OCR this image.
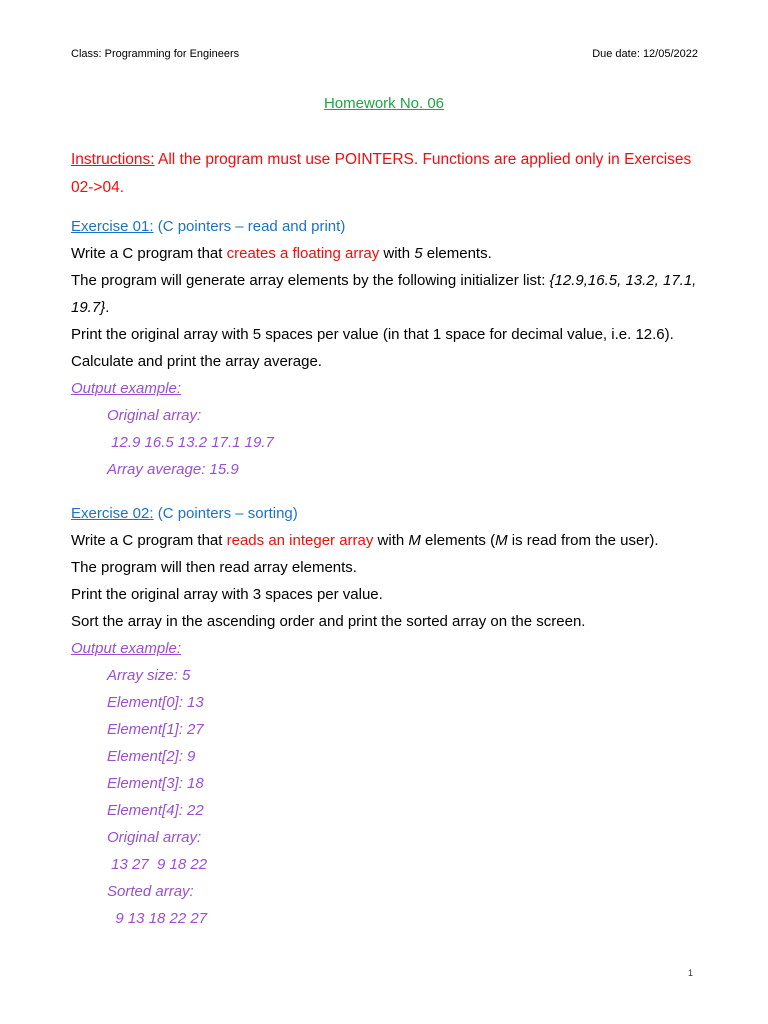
Class: Programming for Engineers	Due date: 12/05/2022
Homework No. 06
Instructions: All the program must use POINTERS. Functions are applied only in Exercises 02->04.
Exercise 01: (C pointers – read and print)
Write a C program that creates a floating array with 5 elements.
The program will generate array elements by the following initializer list: {12.9,16.5, 13.2, 17.1,
19.7}.
Print the original array with 5 spaces per value (in that 1 space for decimal value, i.e. 12.6).
Calculate and print the array average.
Output example:
Original array:
12.9 16.5 13.2 17.1 19.7
Array average: 15.9
Exercise 02: (C pointers – sorting)
Write a C program that reads an integer array with M elements (M is read from the user).
The program will then read array elements.
Print the original array with 3 spaces per value.
Sort the array in the ascending order and print the sorted array on the screen.
Output example:
Array size: 5
Element[0]: 13
Element[1]: 27
Element[2]: 9
Element[3]: 18
Element[4]: 22
Original array:
13 27  9 18 22
Sorted array:
9 13 18 22 27
1
